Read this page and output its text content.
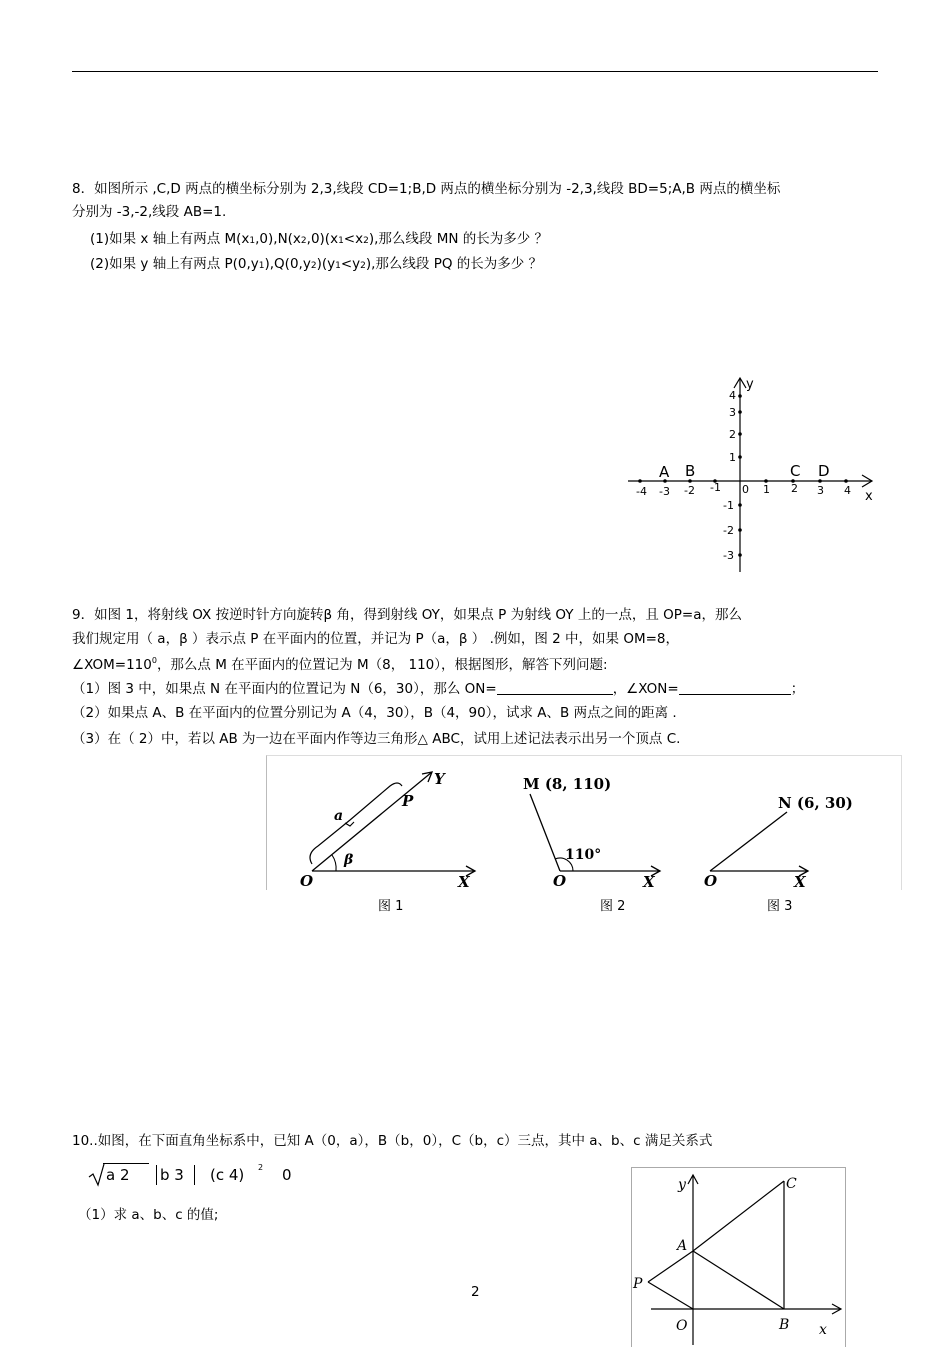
8．如图所示 ,C,D 两点的横坐标分别为 2,3,线段 CD=1;B,D 两点的横坐标分别为 -2,3,线段 BD=5;A,B 两点的横坐标
分别为 -3,-2,线段 AB=1.
(1)如果 x 轴上有两点 M(x1,0),N(x2,0)(x1<x2),那么线段 MN 的长为多少 ？
(2)如果 y 轴上有两点 P(0,y1),Q(0,y2)(y1<y2),那么线段 PQ 的长为多少 ？
y
x
0
-4 -3 -2 -1	1 2 3 4
4
3
2
1
-1
-2
-3
A B	C D
9．如图 1，将射线 OX 按逆时针方向旋转β 角，得到射线 OY，如果点 P 为射线 OY 上的一点，且 OP=a，那么
我们规定用（ a，β ）表示点 P 在平面内的位置，并记为 P（a，β ） .例如，图 2 中，如果 OM=8，
$\angle XOM=110^0$，那么点 M 在平面内的位置记为 M（8， 110），根据图形，解答下列问题:
（1）图 3 中，如果点 N 在平面内的位置记为 N（6，30），那么 ON=	，∠XON=	；
（2）如果点 A、B 在平面内的位置分别记为 A（4，30），B（4，90），试求 A、B 两点之间的距离 .
（3）在（ 2）中，若以 AB 为一边在平面内作等边三角形△ ABC，试用上述记法表示出另一个顶点 C.
O	X
Y
P
a
β
M (8, 110)
110°
O	X
N (6, 30)
O	X
图 1	图 2	图 3
10..如图，在下面直角坐标系中，已知 A（0，a），B（b，0），C（b，c）三点，其中 a、b、c 满足关系式
a 2 b 3 (c 4) 2 0
（1）求 a、b、c 的值;
y
x
O
A
B
C
P
2
